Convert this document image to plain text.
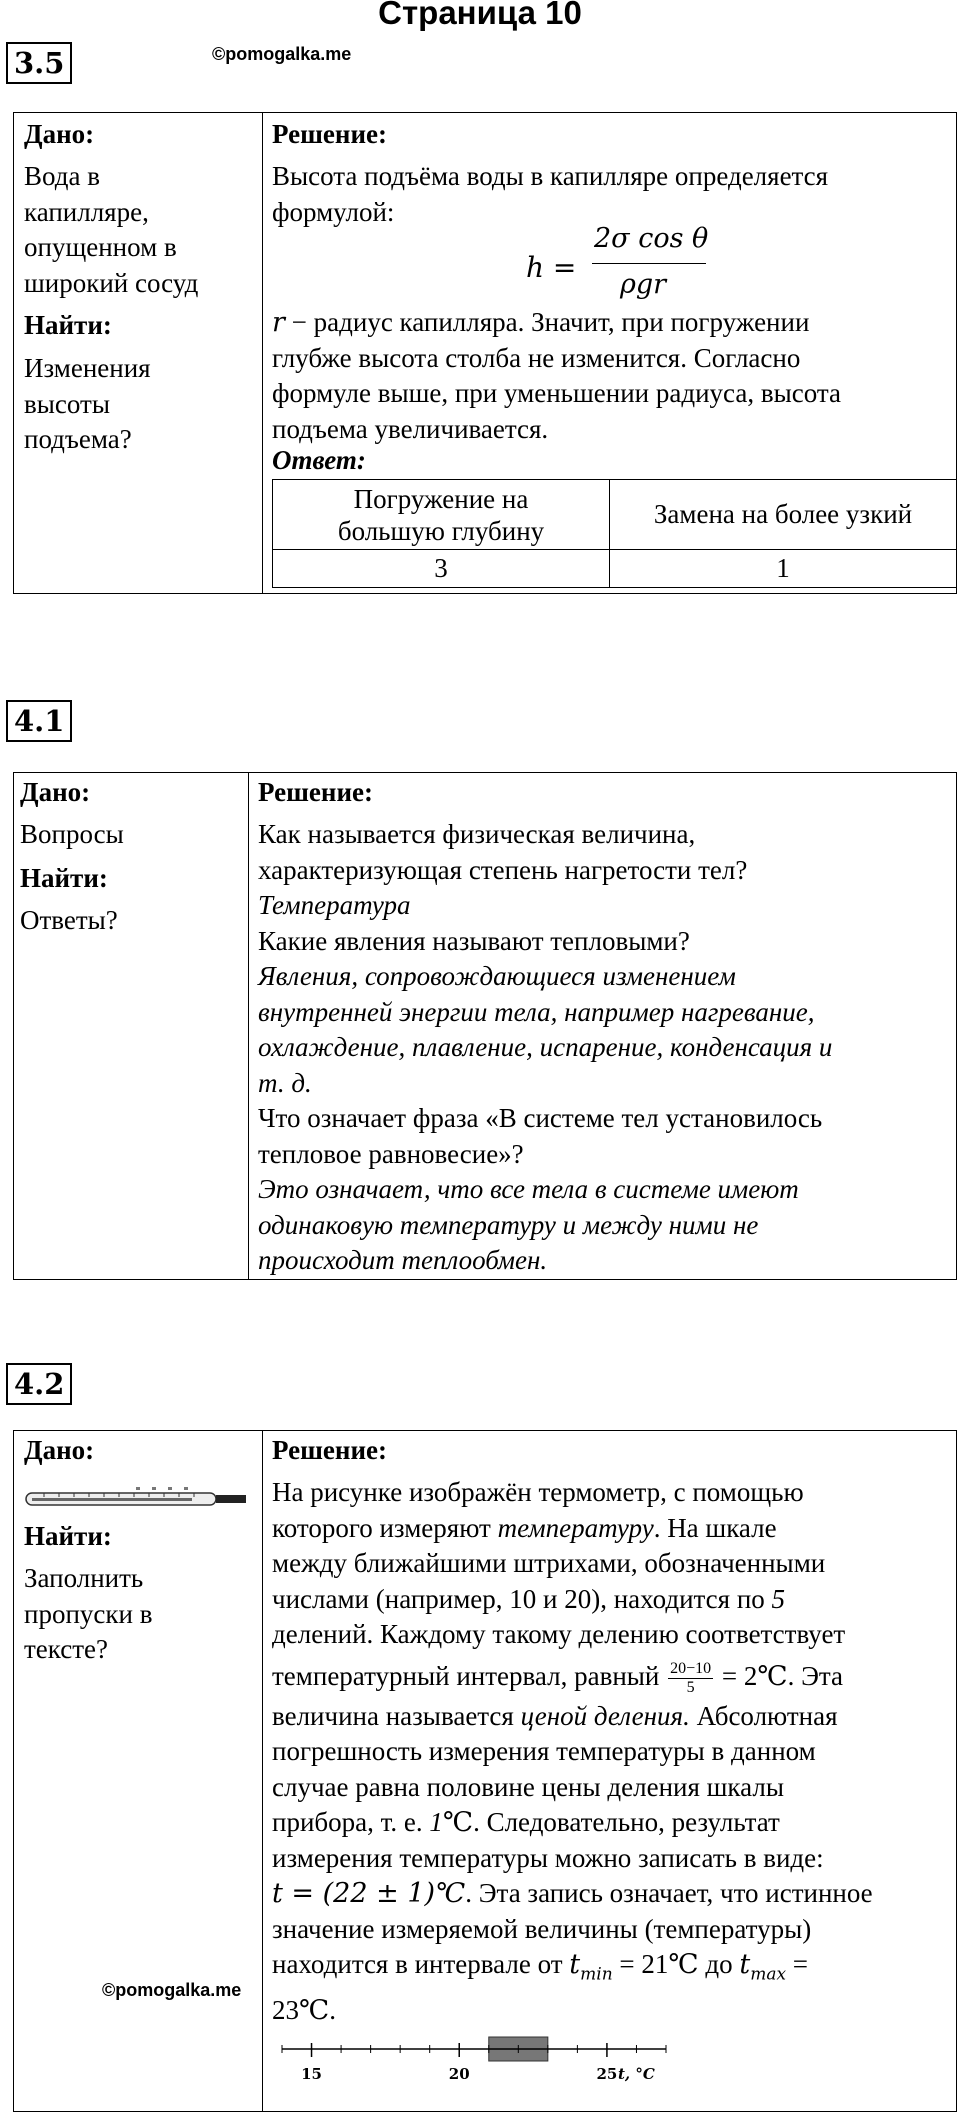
Страница 10
©pomogalka.me
3.5
Дано:
Вода в
капилляре,
опущенном в
широкий сосуд
Найти:
Изменения
высоты
подъема?
Решение:
Высота подъёма воды в капилляре определяется
формулой:
h =
2σ cos θ
ρgr
r − радиус капилляра. Значит, при погружении
глубже высота столба не изменится. Согласно
формуле выше, при уменьшении радиуса, высота
подъема увеличивается.
Ответ:
Погружение на
большую глубину	Замена на более узкий
3	1
4.1
Дано:
Вопросы
Найти:
Ответы?
Решение:
Как называется физическая величина,
характеризующая степень нагретости тел?
Температура
Какие явления называют тепловыми?
Явления, сопровождающиеся изменением
внутренней энергии тела, например нагревание,
охлаждение, плавление, испарение, конденсация и
т. д.
Что означает фраза «В системе тел установилось
тепловое равновесие»?
Это означает, что все тела в системе имеют
одинаковую температуру и между ними не
происходит теплообмен.
4.2
Дано:
Найти:
Заполнить
пропуски в
тексте?
Решение:
На рисунке изображён термометр, с помощью
которого измеряют температуру. На шкале
между ближайшими штрихами, обозначенными
числами (например, 10 и 20), находится по 5
делений. Каждому такому делению соответствует
температурный интервал, равный $\frac{20-10}{5}$ = 2℃. Эта
величина называется ценой деления. Абсолютная
погрешность измерения температуры в данном
случае равна половине цены деления шкалы
прибора, т. е. 1℃. Следовательно, результат
измерения температуры можно записать в виде:
t = (22 ± 1)℃. Эта запись означает, что истинное
значение измеряемой величины (температуры)
находится в интервале от $t_{min}$ = 21℃ до $t_{max}$ =
23℃.
15	20	25 t, °C
©pomogalka.me
